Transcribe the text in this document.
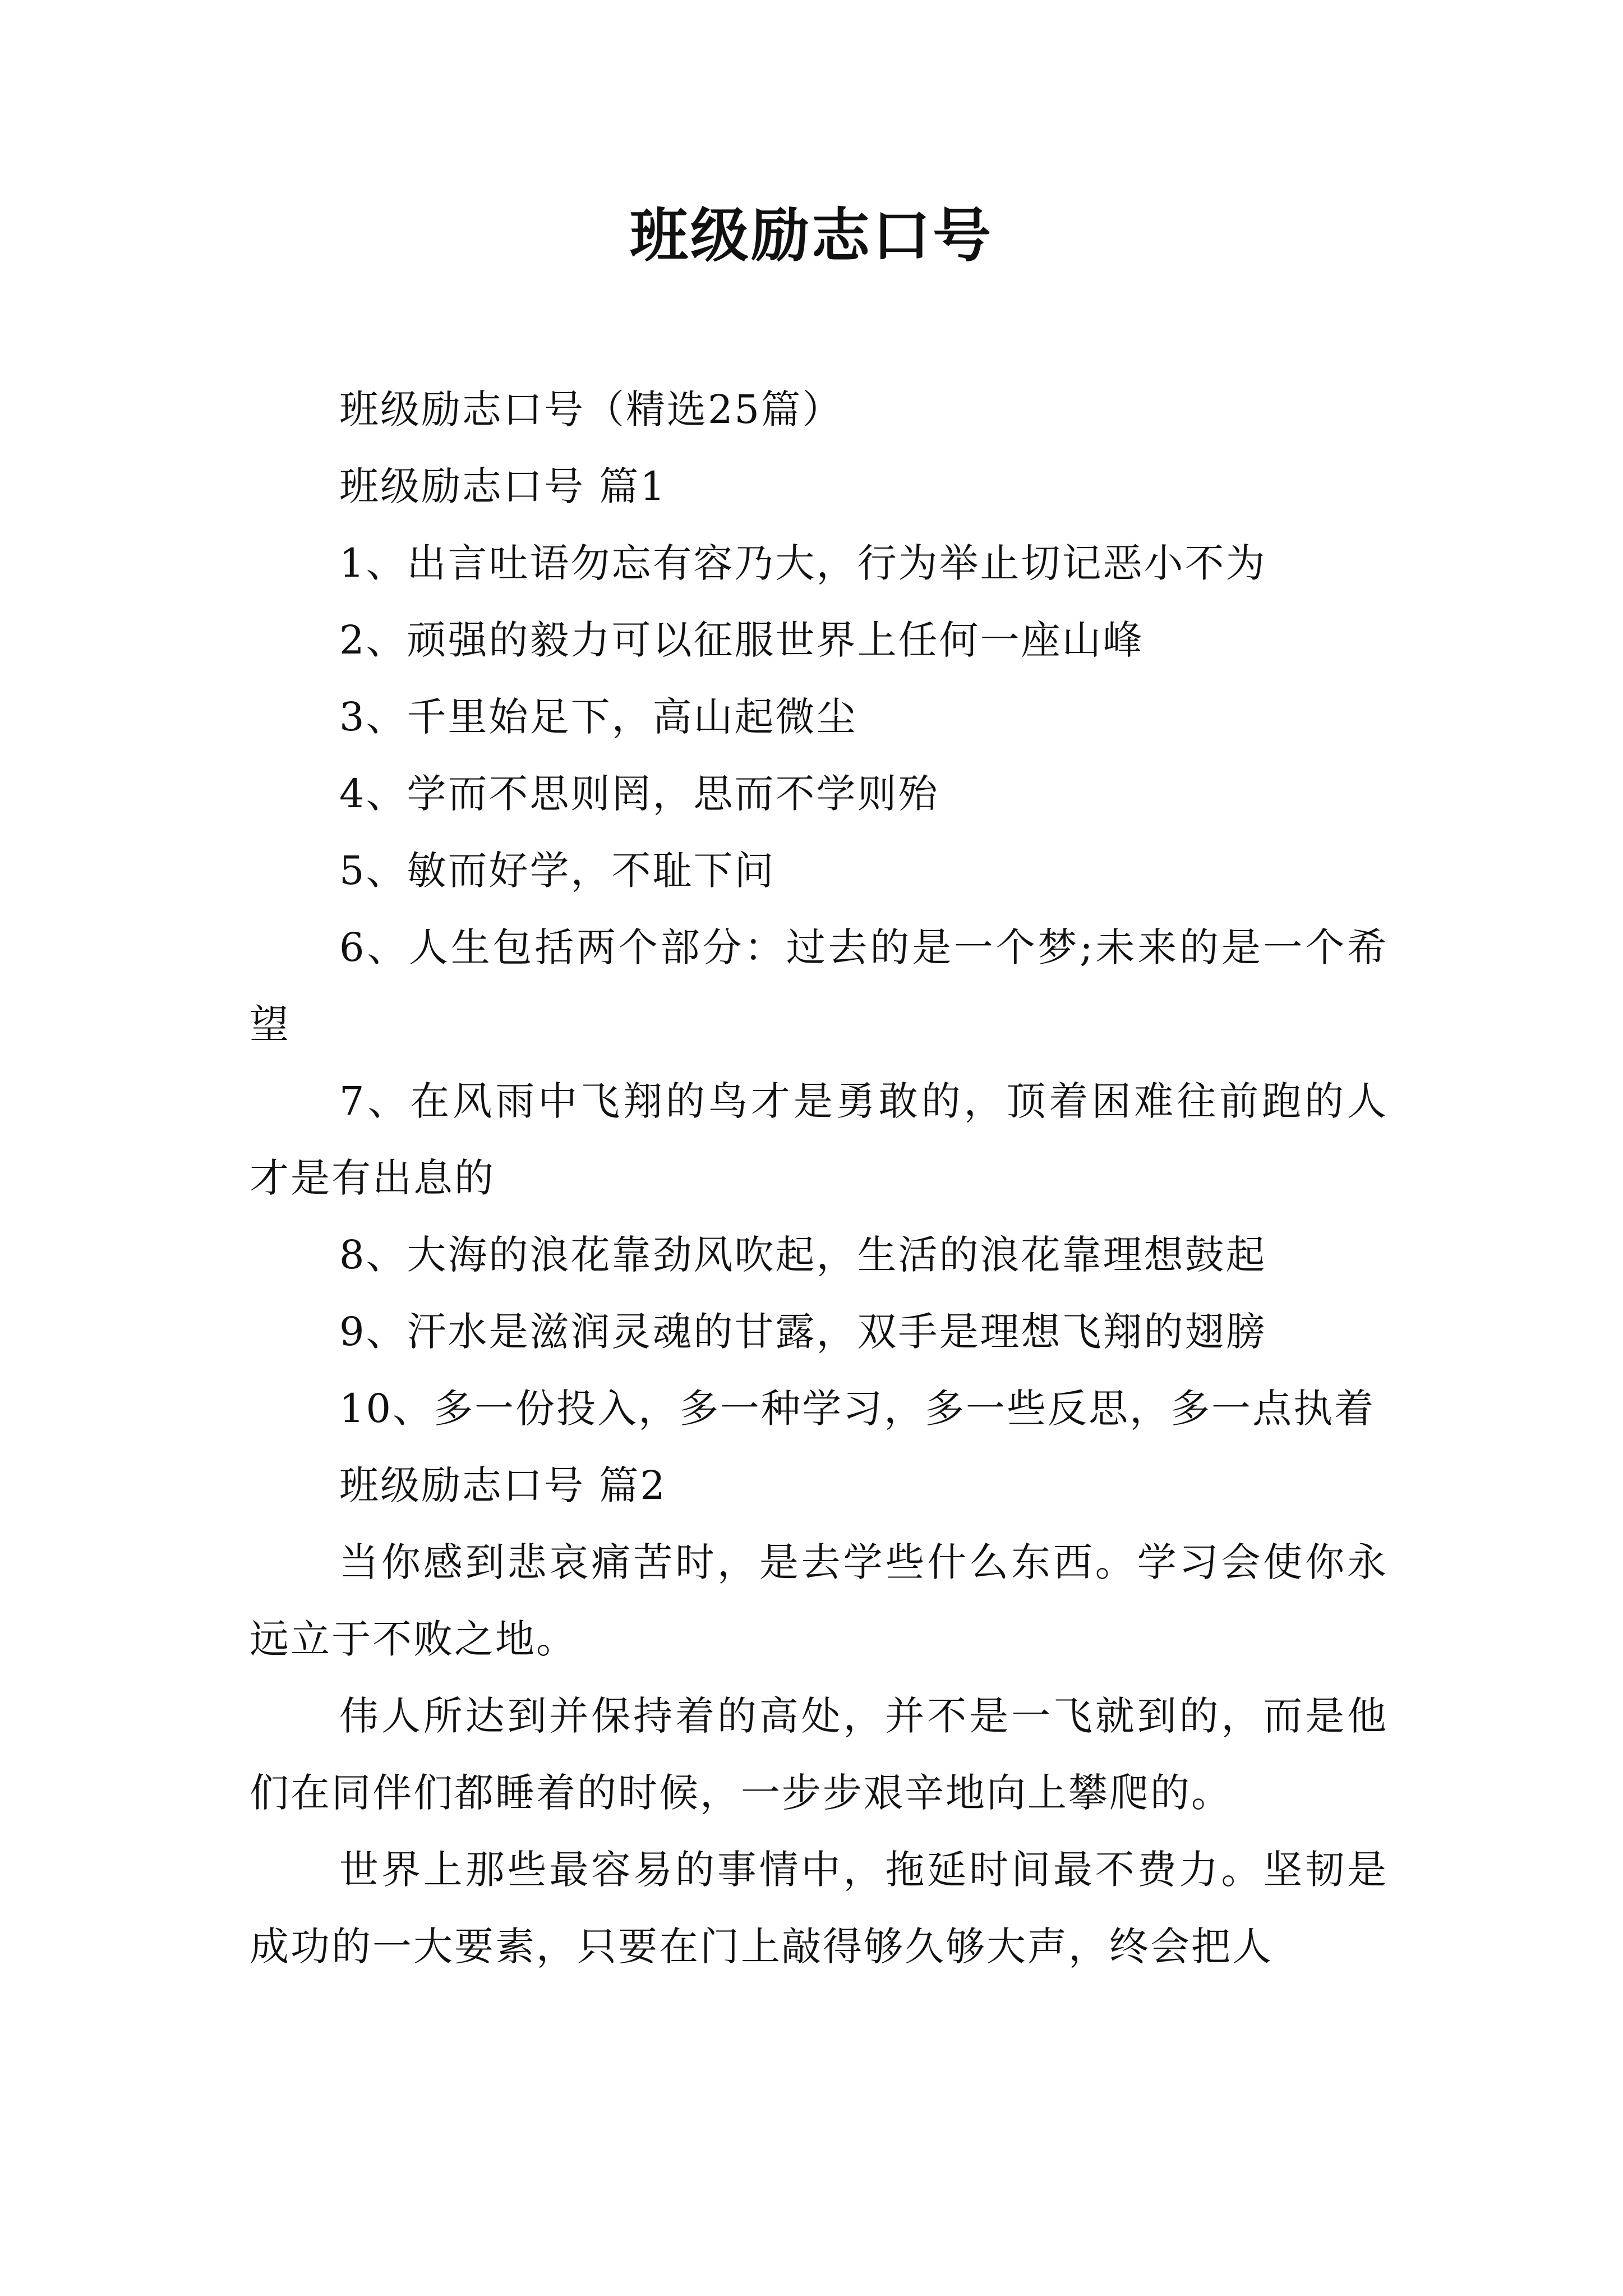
班级励志口号

班级励志口号（精选25篇）

班级励志口号 篇1

1、出言吐语勿忘有容乃大，行为举止切记恶小不为

2、顽强的毅力可以征服世界上任何一座山峰

3、千里始足下，高山起微尘

4、学而不思则罔，思而不学则殆

5、敏而好学，不耻下问

6、人生包括两个部分：过去的是一个梦;未来的是一个希望

7、在风雨中飞翔的鸟才是勇敢的，顶着困难往前跑的人才是有出息的

8、大海的浪花靠劲风吹起，生活的浪花靠理想鼓起

9、汗水是滋润灵魂的甘露，双手是理想飞翔的翅膀

10、多一份投入，多一种学习，多一些反思，多一点执着

班级励志口号 篇2

当你感到悲哀痛苦时，是去学些什么东西。学习会使你永远立于不败之地。

伟人所达到并保持着的高处，并不是一飞就到的，而是他们在同伴们都睡着的时候，一步步艰辛地向上攀爬的。

世界上那些最容易的事情中，拖延时间最不费力。坚韧是成功的一大要素，只要在门上敲得够久够大声，终会把人
